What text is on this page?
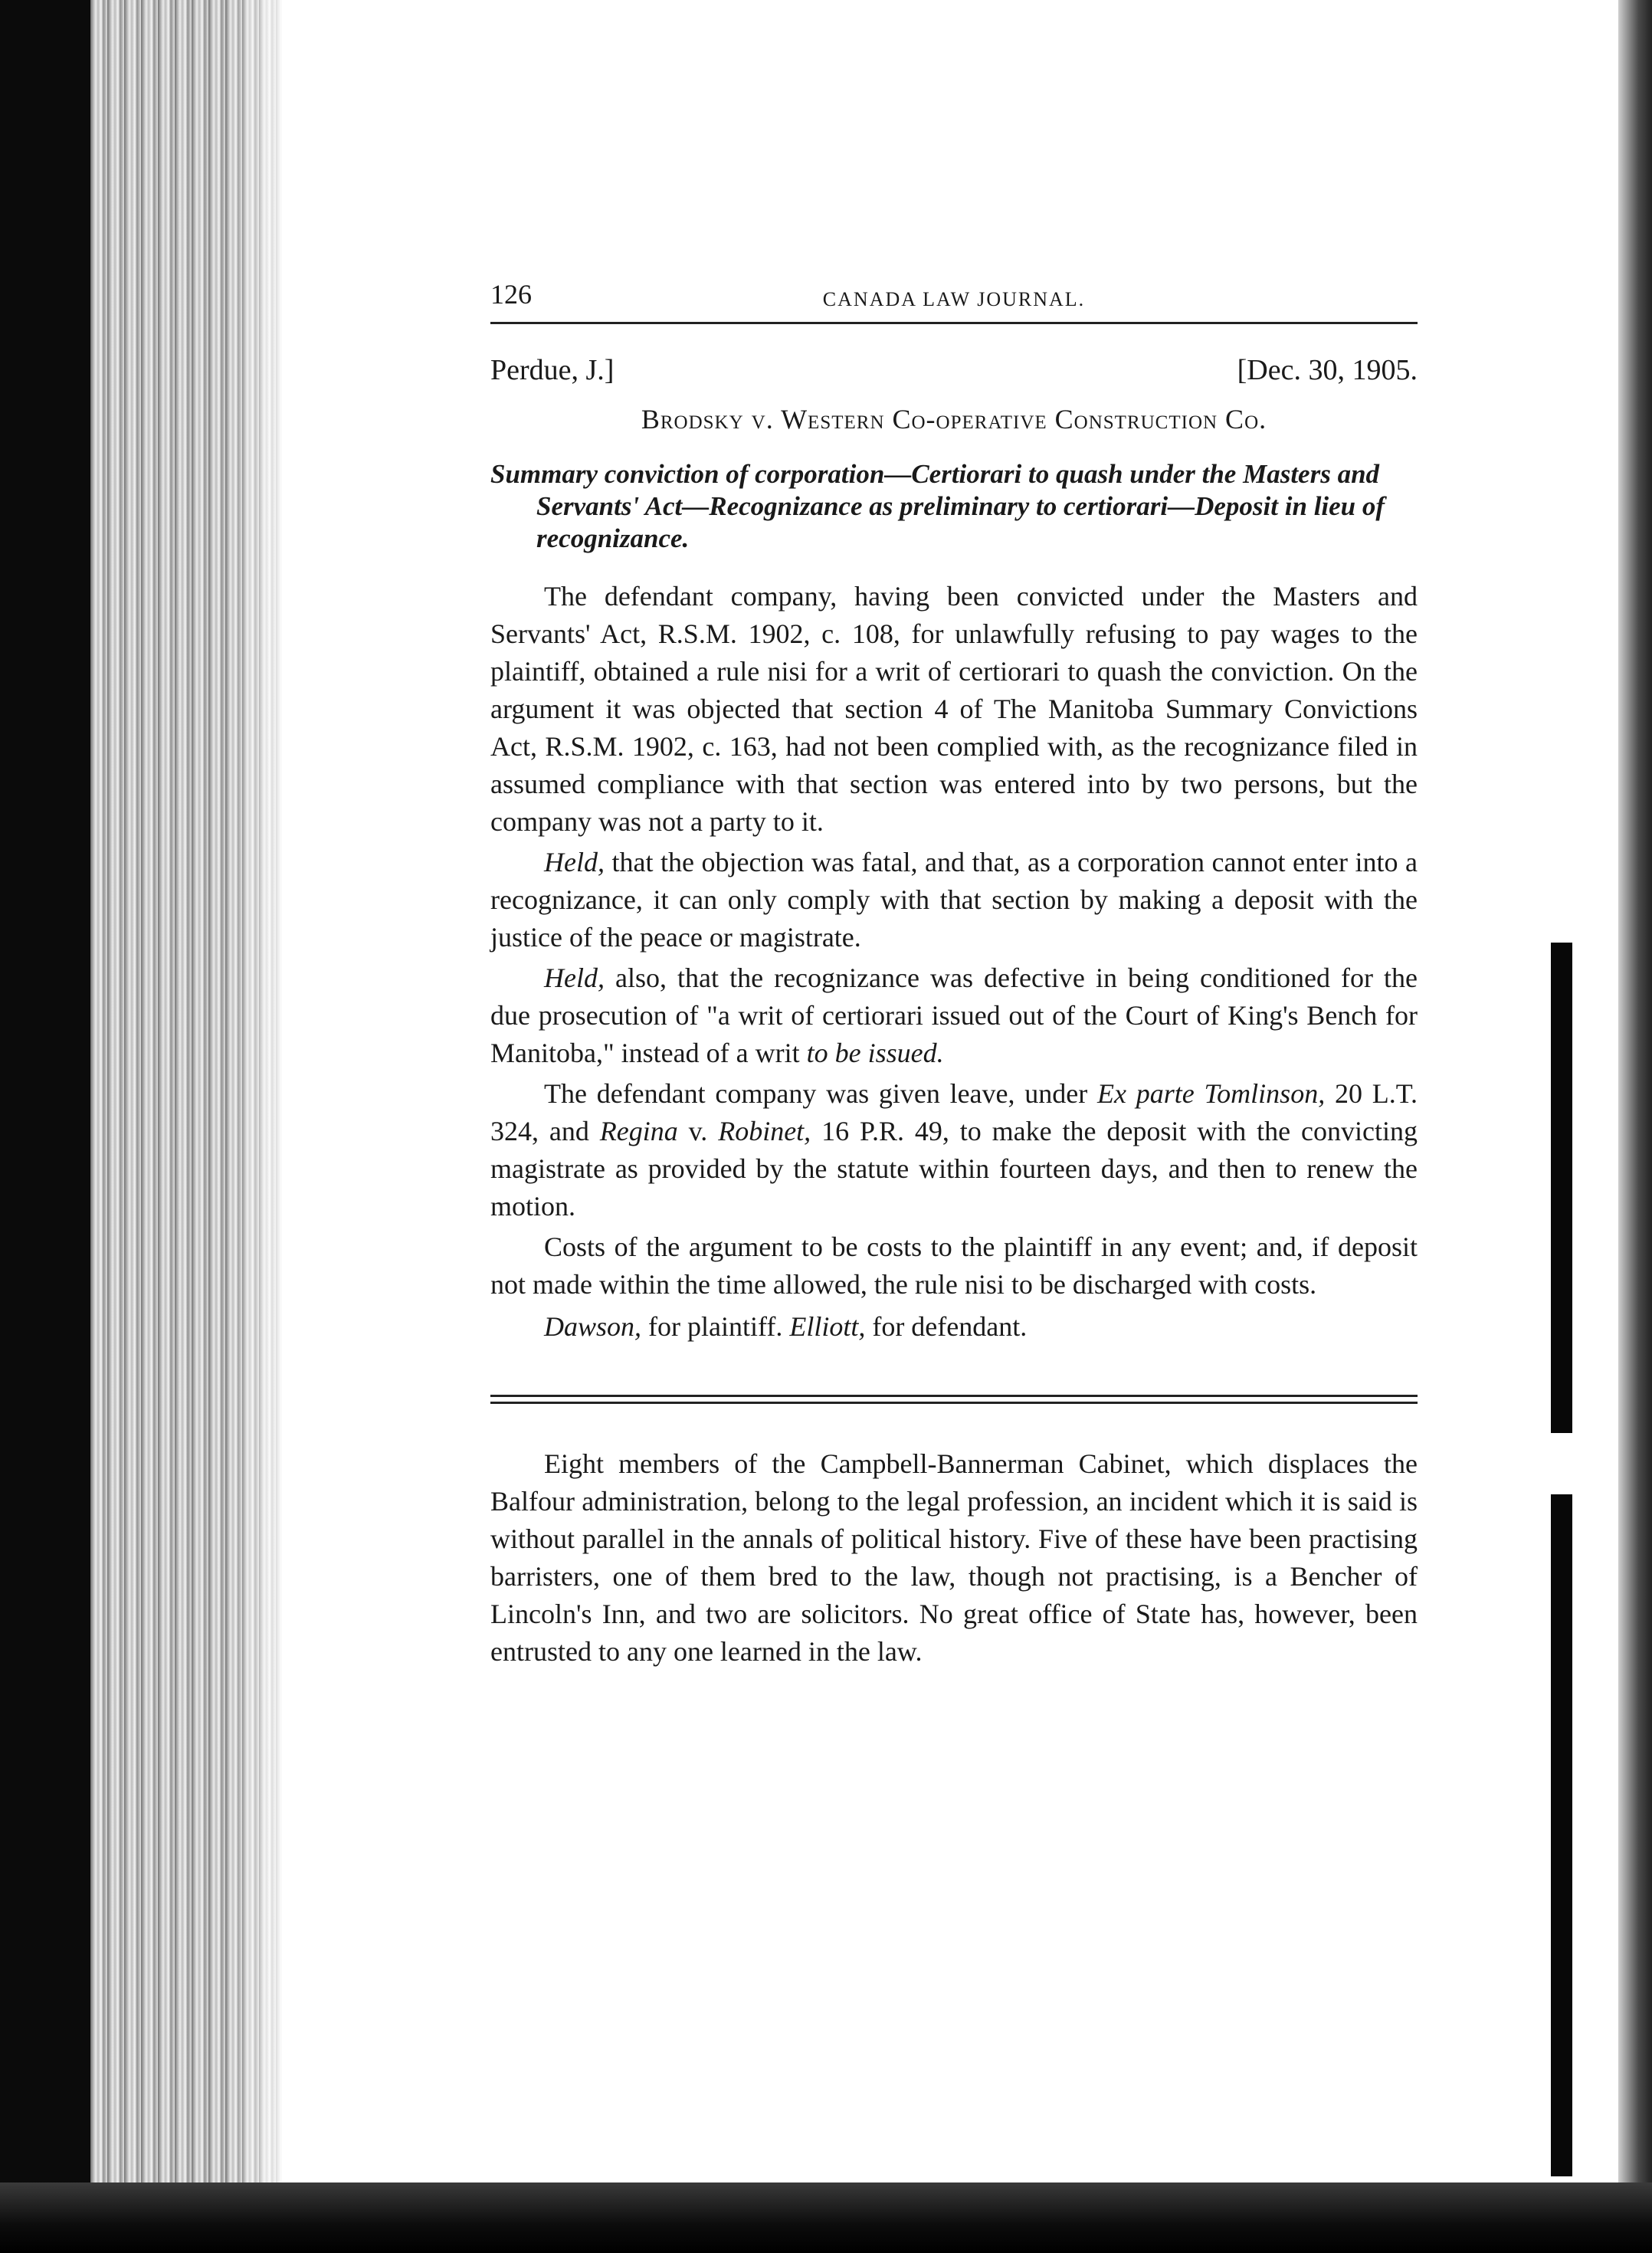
126	CANADA LAW JOURNAL.
Perdue, J.]	[Dec. 30, 1905.
Brodsky v. Western Co-operative Construction Co.
Summary conviction of corporation—Certiorari to quash under the Masters and Servants' Act—Recognizance as preliminary to certiorari—Deposit in lieu of recognizance.

The defendant company, having been convicted under the Masters and Servants' Act, R.S.M. 1902, c. 108, for unlawfully refusing to pay wages to the plaintiff, obtained a rule nisi for a writ of certiorari to quash the conviction. On the argument it was objected that section 4 of The Manitoba Summary Convictions Act, R.S.M. 1902, c. 163, had not been complied with, as the recognizance filed in assumed compliance with that section was entered into by two persons, but the company was not a party to it.

Held, that the objection was fatal, and that, as a corporation cannot enter into a recognizance, it can only comply with that section by making a deposit with the justice of the peace or magistrate.

Held, also, that the recognizance was defective in being conditioned for the due prosecution of "a writ of certiorari issued out of the Court of King's Bench for Manitoba," instead of a writ to be issued.

The defendant company was given leave, under Ex parte Tomlinson, 20 L.T. 324, and Regina v. Robinet, 16 P.R. 49, to make the deposit with the convicting magistrate as provided by the statute within fourteen days, and then to renew the motion.

Costs of the argument to be costs to the plaintiff in any event; and, if deposit not made within the time allowed, the rule nisi to be discharged with costs.

Dawson, for plaintiff. Elliott, for defendant.

Eight members of the Campbell-Bannerman Cabinet, which displaces the Balfour administration, belong to the legal profession, an incident which it is said is without parallel in the annals of political history. Five of these have been practising barristers, one of them bred to the law, though not practising, is a Bencher of Lincoln's Inn, and two are solicitors. No great office of State has, however, been entrusted to any one learned in the law.
